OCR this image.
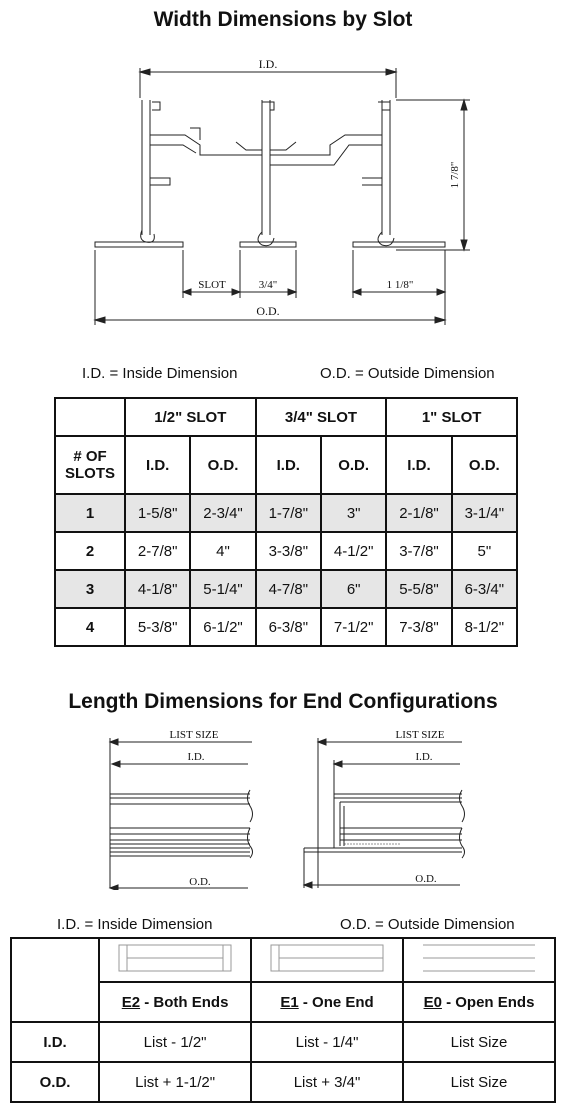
Width Dimensions by Slot
I.D.
O.D.
SLOT	3/4"	1 1/8"
1 7/8"
I.D. = Inside Dimension	O.D. = Outside Dimension
	1/2" SLOT		3/4" SLOT		1" SLOT	
# OF SLOTS	I.D.	O.D.	I.D.	O.D.	I.D.	O.D.
1	1-5/8"	2-3/4"	1-7/8"	3"	2-1/8"	3-1/4"
2	2-7/8"	4"	3-3/8"	4-1/2"	3-7/8"	5"
3	4-1/8"	5-1/4"	4-7/8"	6"	5-5/8"	6-3/4"
4	5-3/8"	6-1/2"	6-3/8"	7-1/2"	7-3/8"	8-1/2"
Length Dimensions for End Configurations
LIST SIZE
I.D.
O.D.
LIST SIZE
I.D.
O.D.
I.D. = Inside Dimension	O.D. = Outside Dimension

	E2 - Both Ends	E1 - One End	E0 - Open Ends
I.D.	List - 1/2"	List - 1/4"	List Size
O.D.	List + 1-1/2"	List + 3/4"	List Size
